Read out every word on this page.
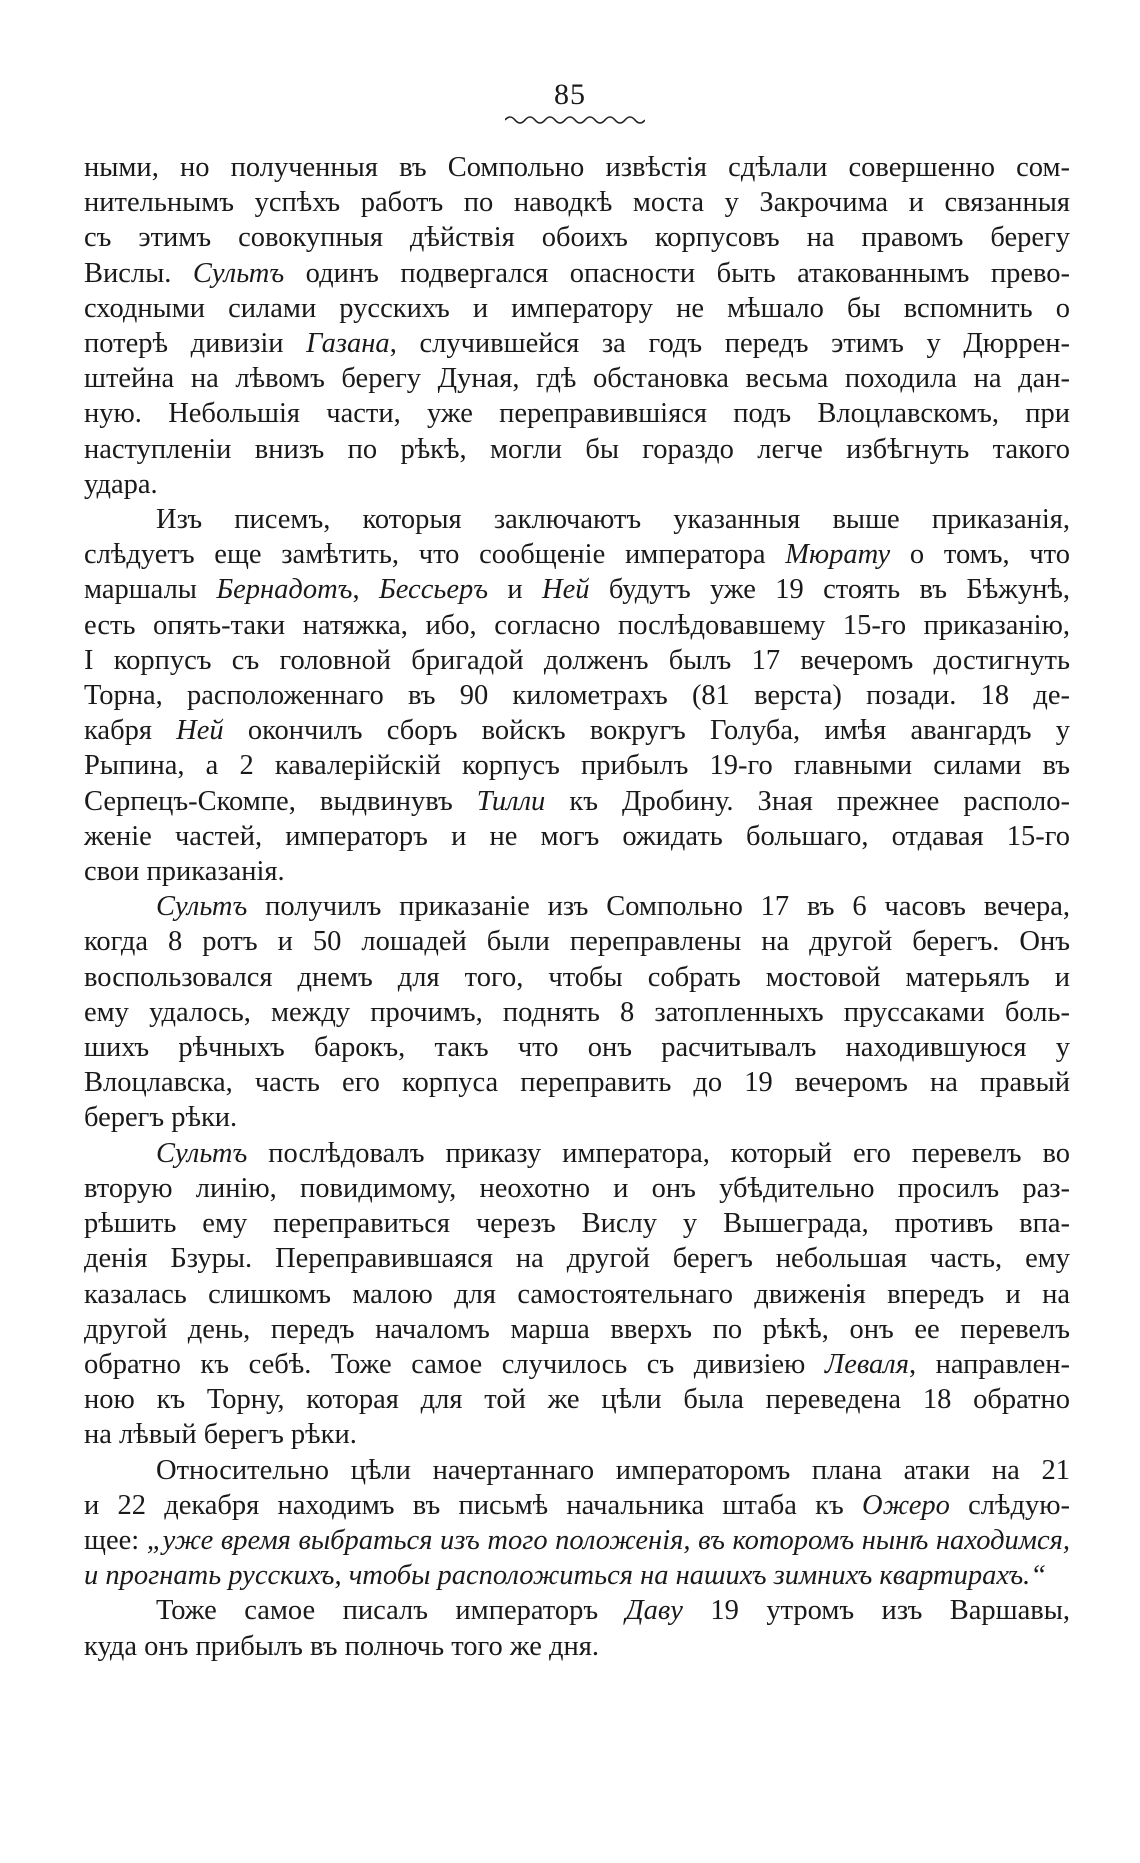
85
ными, но полученныя въ Сомпольно извѣстія сдѣлали совершенно сом-
нительнымъ успѣхъ работъ по наводкѣ моста у Закрочима и связанныя
съ этимъ совокупныя дѣйствія обоихъ корпусовъ на правомъ берегу
Вислы. Сультъ одинъ подвергался опасности быть атакованнымъ прево-
сходными силами русскихъ и императору не мѣшало бы вспомнить о
потерѣ дивизіи Газана, случившейся за годъ передъ этимъ у Дюррен-
штейна на лѣвомъ берегу Дуная, гдѣ обстановка весьма походила на дан-
ную. Небольшія части, уже переправившіяся подъ Влоцлавскомъ, при
наступленіи внизъ по рѣкѣ, могли бы гораздо легче избѣгнуть такого
удара.
Изъ писемъ, которыя заключаютъ указанныя выше приказанія,
слѣдуетъ еще замѣтить, что сообщеніе императора Мюрату о томъ, что
маршалы Бернадотъ, Бессьеръ и Ней будутъ уже 19 стоять въ Бѣжунѣ,
есть опять-таки натяжка, ибо, согласно послѣдовавшему 15-го приказанію,
I корпусъ съ головной бригадой долженъ былъ 17 вечеромъ достигнуть
Торна, расположеннаго въ 90 километрахъ (81 верста) позади. 18 де-
кабря Ней окончилъ сборъ войскъ вокругъ Голуба, имѣя авангардъ у
Рыпина, а 2 кавалерійскій корпусъ прибылъ 19-го главными силами въ
Серпецъ-Скомпе, выдвинувъ Тилли къ Дробину. Зная прежнее располо-
женіе частей, императоръ и не могъ ожидать большаго, отдавая 15-го
свои приказанія.
Сультъ получилъ приказаніе изъ Сомпольно 17 въ 6 часовъ вечера,
когда 8 ротъ и 50 лошадей были переправлены на другой берегъ. Онъ
воспользовался днемъ для того, чтобы собрать мостовой матерьялъ и
ему удалось, между прочимъ, поднять 8 затопленныхъ пруссаками боль-
шихъ рѣчныхъ барокъ, такъ что онъ расчитывалъ находившуюся у
Влоцлавска, часть его корпуса переправить до 19 вечеромъ на правый
берегъ рѣки.
Сультъ послѣдовалъ приказу императора, который его перевелъ во
вторую линію, повидимому, неохотно и онъ убѣдительно просилъ раз-
рѣшить ему переправиться черезъ Вислу у Вышеграда, противъ впа-
денія Бзуры. Переправившаяся на другой берегъ небольшая часть, ему
казалась слишкомъ малою для самостоятельнаго движенія впередъ и на
другой день, передъ началомъ марша вверхъ по рѣкѣ, онъ ее перевелъ
обратно къ себѣ. Тоже самое случилось съ дивизіею Леваля, направлен-
ною къ Торну, которая для той же цѣли была переведена 18 обратно
на лѣвый берегъ рѣки.
Относительно цѣли начертаннаго императоромъ плана атаки на 21
и 22 декабря находимъ въ письмѣ начальника штаба къ Ожеро слѣдую-
щее: „уже время выбраться изъ того положенія, въ которомъ нынѣ находимся,
и прогнать русскихъ, чтобы расположиться на нашихъ зимнихъ квартирахъ.“
Тоже самое писалъ императоръ Даву 19 утромъ изъ Варшавы,
куда онъ прибылъ въ полночь того же дня.
